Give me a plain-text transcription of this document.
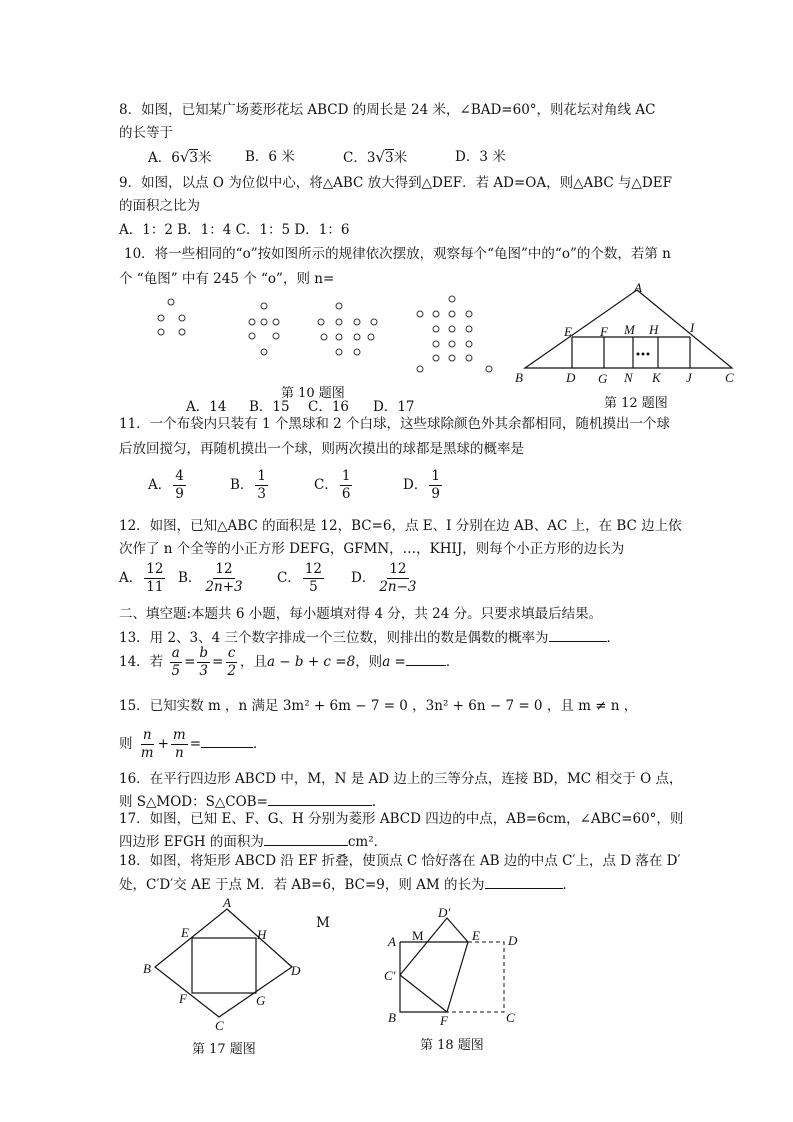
8．如图，已知某广场菱形花坛 ABCD 的周长是 24 米，∠BAD=60°，则花坛对角线 AC
的长等于
A．6√3米 B．6 米	C．3√3米	D．3 米
9．如图，以点 O 为位似中心，将△ABC 放大得到△DEF．若 AD=OA，则△ABC 与△DEF
的面积之比为
A．1：2 B．1：4 C．1：5 D．1：6
10．将一些相同的“o”按如图所示的规律依次摆放，观察每个“龟图”中的“o”的个数，若第 n
个 “龟图” 中有 245 个 “o”，则 n=
第 10 题图
A．14 B．15 C．16 D．17
A
E F M H I
B	D G N K J	C
第 12 题图
11．一个布袋内只装有 1 个黑球和 2 个白球，这些球除颜色外其余都相同，随机摸出一个球
后放回搅匀，再随机摸出一个球，则两次摸出的球都是黑球的概率是
A． $\frac{4}{9}$	B． $\frac{1}{3}$	C． $\frac{1}{6}$	D． $\frac{1}{9}$
12．如图，已知△ABC 的面积是 12，BC=6，点 E、I 分别在边 AB、AC 上，在 BC 边上依
次作了 n 个全等的小正方形 DEFG，GFMN，…，KHIJ，则每个小正方形的边长为
A． $\frac{12}{11}$ B． $\frac{12}{2n+3}$ C． $\frac{12}{5}$ D． $\frac{12}{2n-3}$
二、填空题:本题共 6 小题，每小题填对得 4 分，共 24 分。只要求填最后结果。
13．用 2、3、4 三个数字排成一个三位数，则排出的数是偶数的概率为	．
14．若 $\frac{a}{5} = \frac{b}{3} = \frac{c}{2}$ ，且a − b + c =8，则a =	．
15．已知实数 m ，n 满足 3m² + 6m − 7 = 0 ，3n² + 6n − 7 = 0 ，且 m ≠ n ，
则 $\frac{n}{m} + \frac{m}{n}$ =	．
16．在平行四边形 ABCD 中，M，N 是 AD 边上的三等分点，连接 BD，MC 相交于 O 点，
则 S△MOD：S△COB=	．
17．如图，已知 E、F、G、H 分别为菱形 ABCD 四边的中点，AB=6cm，∠ABC=60°，则
四边形 EFGH 的面积为	cm²．
18．如图，将矩形 ABCD 沿 EF 折叠，使顶点 C 恰好落在 AB 边的中点 C′上，点 D 落在 D′
处，C′D′交 AE 于点 M．若 AB=6，BC=9，则 AM 的长为	．
A
E	H
B	D
F	G
C
第 17 题图
M
D′
M	E D
A
C′
B	F	C
第 18 题图
